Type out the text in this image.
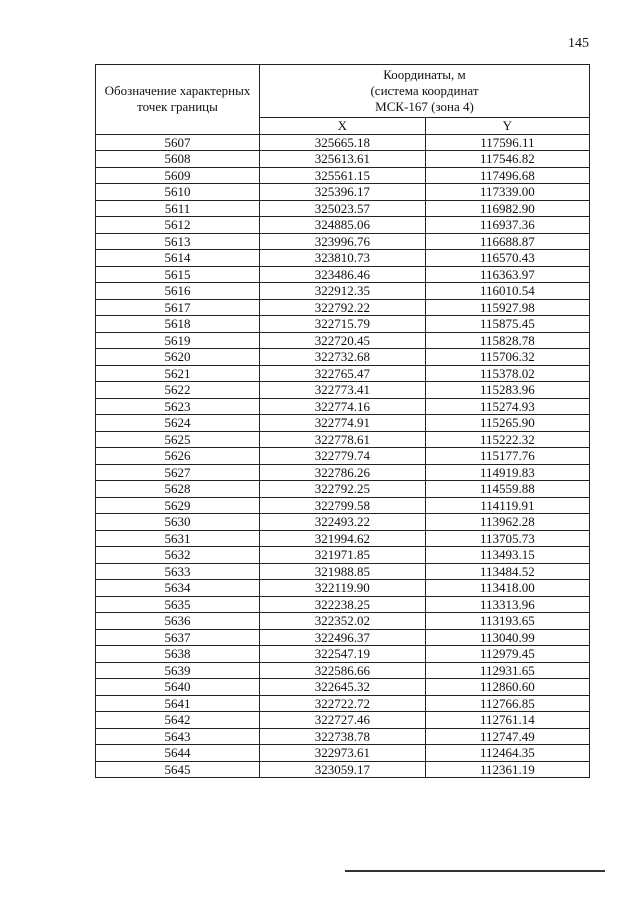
145
Обозначение характерных точек границы	Координаты, м
(система координат
МСК-167 (зона 4)	

	X	Y
5607	325665.18	117596.11
5608	325613.61	117546.82
5609	325561.15	117496.68
5610	325396.17	117339.00
5611	325023.57	116982.90
5612	324885.06	116937.36
5613	323996.76	116688.87
5614	323810.73	116570.43
5615	323486.46	116363.97
5616	322912.35	116010.54
5617	322792.22	115927.98
5618	322715.79	115875.45
5619	322720.45	115828.78
5620	322732.68	115706.32
5621	322765.47	115378.02
5622	322773.41	115283.96
5623	322774.16	115274.93
5624	322774.91	115265.90
5625	322778.61	115222.32
5626	322779.74	115177.76
5627	322786.26	114919.83
5628	322792.25	114559.88
5629	322799.58	114119.91
5630	322493.22	113962.28
5631	321994.62	113705.73
5632	321971.85	113493.15
5633	321988.85	113484.52
5634	322119.90	113418.00
5635	322238.25	113313.96
5636	322352.02	113193.65
5637	322496.37	113040.99
5638	322547.19	112979.45
5639	322586.66	112931.65
5640	322645.32	112860.60
5641	322722.72	112766.85
5642	322727.46	112761.14
5643	322738.78	112747.49
5644	322973.61	112464.35
5645	323059.17	112361.19
